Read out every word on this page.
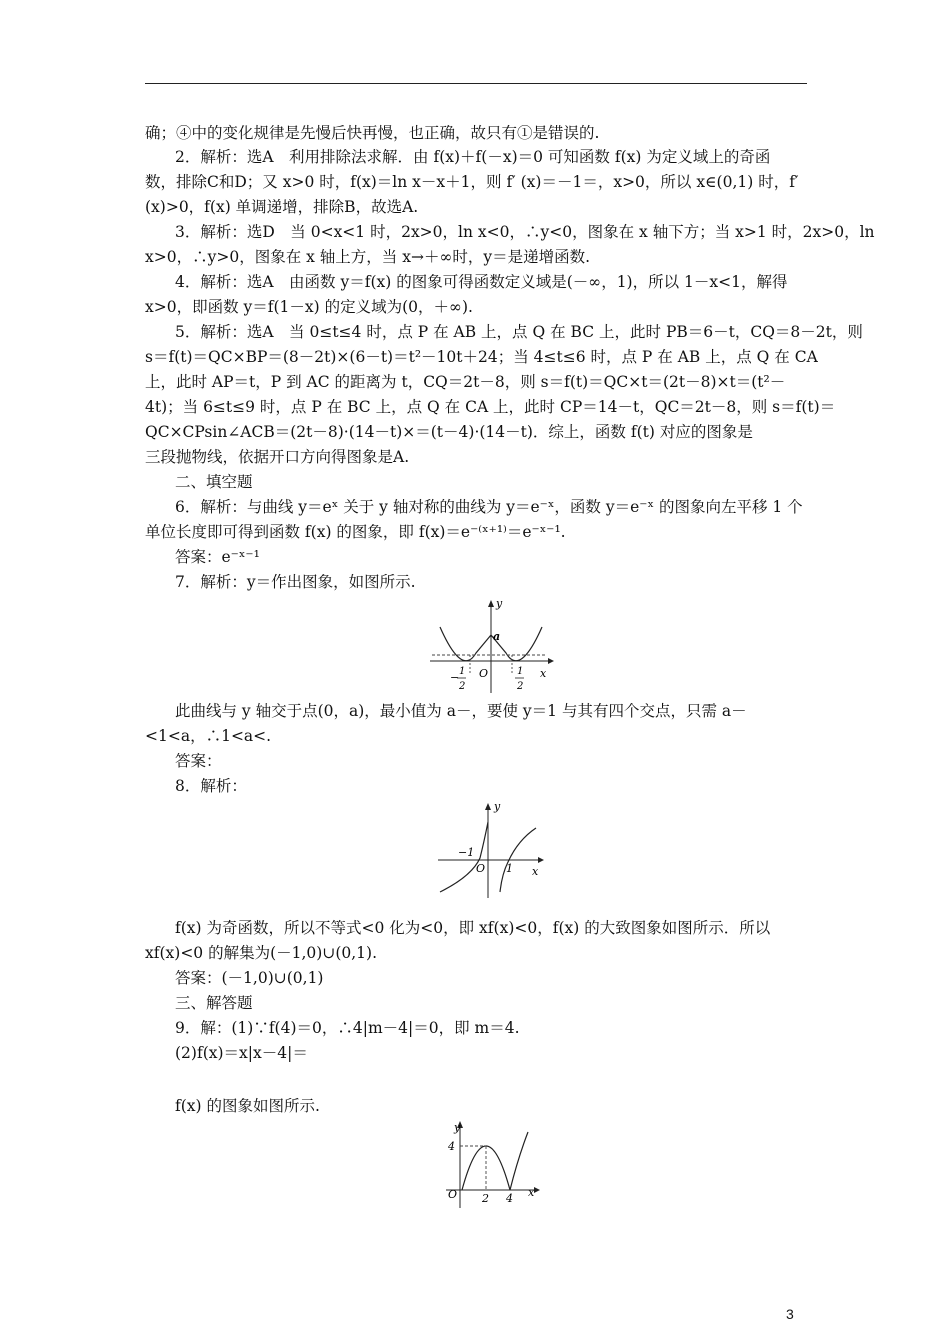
确；④中的变化规律是先慢后快再慢，也正确，故只有①是错误的.
2．解析：选A　利用排除法求解．由 f(x)＋f(－x)＝0 可知函数 f(x) 为定义域上的奇函
数，排除C和D；又 x>0 时，f(x)＝ln x－x＋1，则 f′ (x)＝－1＝，x>0，所以 x∈(0,1) 时，f′
(x)>0，f(x) 单调递增，排除B，故选A.
3．解析：选D　当 0<x<1 时，2x>0，ln x<0，∴y<0，图象在 x 轴下方；当 x>1 时，2x>0，ln
x>0，∴y>0，图象在 x 轴上方，当 x→＋∞时，y＝是递增函数.
4．解析：选A　由函数 y＝f(x) 的图象可得函数定义域是(－∞，1)，所以 1－x<1，解得
x>0，即函数 y＝f(1－x) 的定义域为(0，＋∞).
5．解析：选A　当 0≤t≤4 时，点 P 在 AB 上，点 Q 在 BC 上，此时 PB＝6－t，CQ＝8－2t，则
s＝f(t)＝QC×BP＝(8－2t)×(6－t)＝t²－10t＋24；当 4≤t≤6 时，点 P 在 AB 上，点 Q 在 CA
上，此时 AP＝t，P 到 AC 的距离为 t，CQ＝2t－8，则 s＝f(t)＝QC×t＝(2t－8)×t＝(t²－
4t)；当 6≤t≤9 时，点 P 在 BC 上，点 Q 在 CA 上，此时 CP＝14－t，QC＝2t－8，则 s＝f(t)＝
QC×CPsin∠ACB＝(2t－8)·(14－t)×＝(t－4)·(14－t)．综上，函数 f(t) 对应的图象是
三段抛物线，依据开口方向得图象是A.
二、填空题
6．解析：与曲线 y＝eˣ 关于 y 轴对称的曲线为 y＝e⁻ˣ，函数 y＝e⁻ˣ 的图象向左平移 1 个
单位长度即可得到函数 f(x) 的图象，即 f(x)＝e⁻⁽ˣ⁺¹⁾＝e⁻ˣ⁻¹.
答案：e⁻ˣ⁻¹
7．解析：y＝作出图象，如图所示.
y
x
a
O
− 1
2
1
2
此曲线与 y 轴交于点(0，a)，最小值为 a－，要使 y＝1 与其有四个交点，只需 a－
<1<a，∴1<a<.
答案：
8．解析：
y
x
O
−1
1
f(x) 为奇函数，所以不等式<0 化为<0，即 xf(x)<0，f(x) 的大致图象如图所示．所以
xf(x)<0 的解集为(－1,0)∪(0,1).
答案：(－1,0)∪(0,1)
三、解答题
9．解：(1)∵f(4)＝0，∴4|m－4|＝0，即 m＝4.
(2)f(x)＝x|x－4|＝
f(x) 的图象如图所示.
y
x
O
4
2 4
3
